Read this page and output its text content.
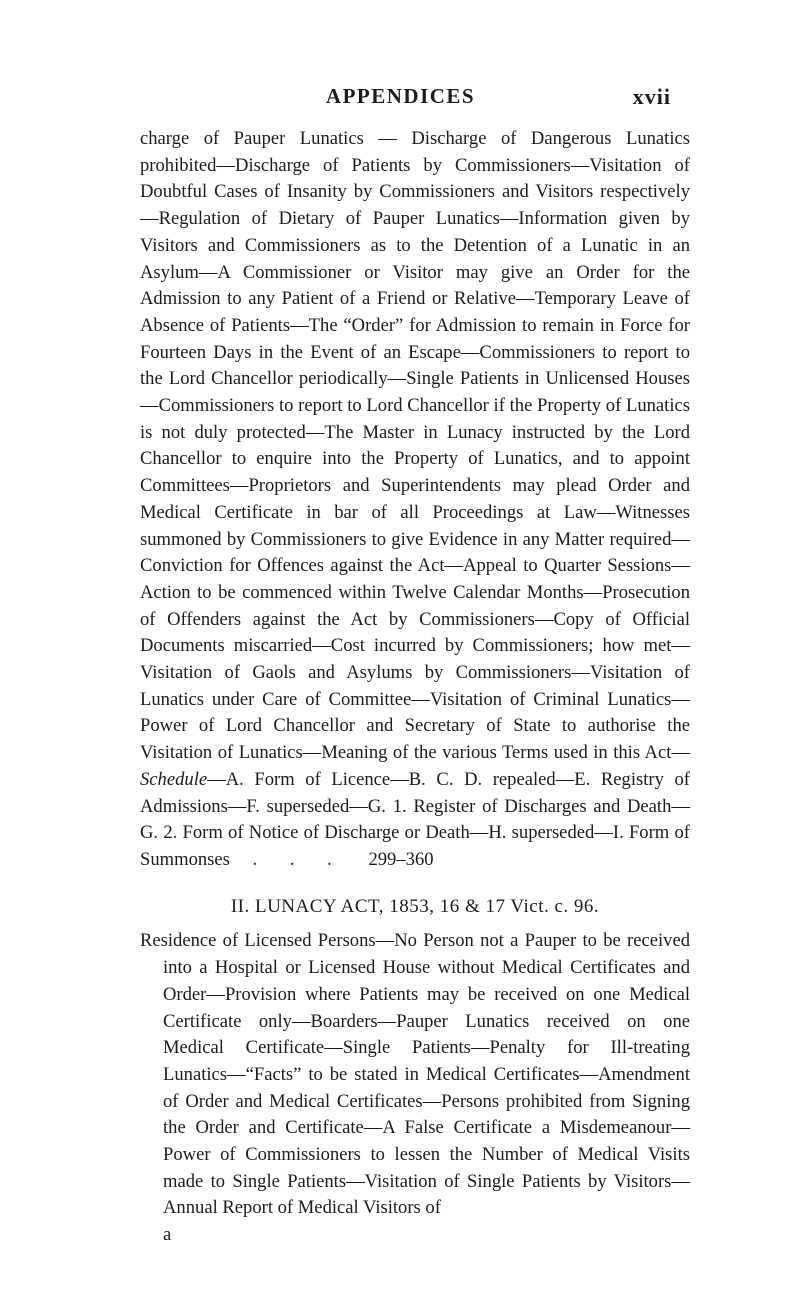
APPENDICES	xvii

charge of Pauper Lunatics — Discharge of Dangerous Lunatics prohibited—Discharge of Patients by Commissioners—Visitation of Doubtful Cases of Insanity by Commissioners and Visitors respectively—Regulation of Dietary of Pauper Lunatics—Information given by Visitors and Commissioners as to the Detention of a Lunatic in an Asylum—A Commissioner or Visitor may give an Order for the Admission to any Patient of a Friend or Relative—Temporary Leave of Absence of Patients—The “Order” for Admission to remain in Force for Fourteen Days in the Event of an Escape—Commissioners to report to the Lord Chancellor periodically—Single Patients in Unlicensed Houses—Commissioners to report to Lord Chancellor if the Property of Lunatics is not duly protected—The Master in Lunacy instructed by the Lord Chancellor to enquire into the Property of Lunatics, and to appoint Committees—Proprietors and Superintendents may plead Order and Medical Certificate in bar of all Proceedings at Law—Witnesses summoned by Commissioners to give Evidence in any Matter required—Conviction for Offences against the Act—Appeal to Quarter Sessions—Action to be commenced within Twelve Calendar Months—Prosecution of Offenders against the Act by Commissioners—Copy of Official Documents miscarried—Cost incurred by Commissioners; how met—Visitation of Gaols and Asylums by Commissioners—Visitation of Lunatics under Care of Committee—Visitation of Criminal Lunatics—Power of Lord Chancellor and Secretary of State to authorise the Visitation of Lunatics—Meaning of the various Terms used in this Act— Schedule—A. Form of Licence—B. C. D. repealed—E. Registry of Admissions—F. superseded—G. 1. Register of Discharges and Death—G. 2. Form of Notice of Discharge or Death—H. superseded—I. Form of Summonses . . . 299–360

II. LUNACY ACT, 1853, 16 & 17 Vict. c. 96.

Residence of Licensed Persons—No Person not a Pauper to be received into a Hospital or Licensed House without Medical Certificates and Order—Provision where Patients may be received on one Medical Certificate only—Boarders—Pauper Lunatics received on one Medical Certificate—Single Patients—Penalty for Ill-treating Lunatics—“Facts” to be stated in Medical Certificates—Amendment of Order and Medical Certificates—Persons prohibited from Signing the Order and Certificate—A False Certificate a Misdemeanour—Power of Commissioners to lessen the Number of Medical Visits made to Single Patients—Visitation of Single Patients by Visitors—Annual Report of Medical Visitors of

a
